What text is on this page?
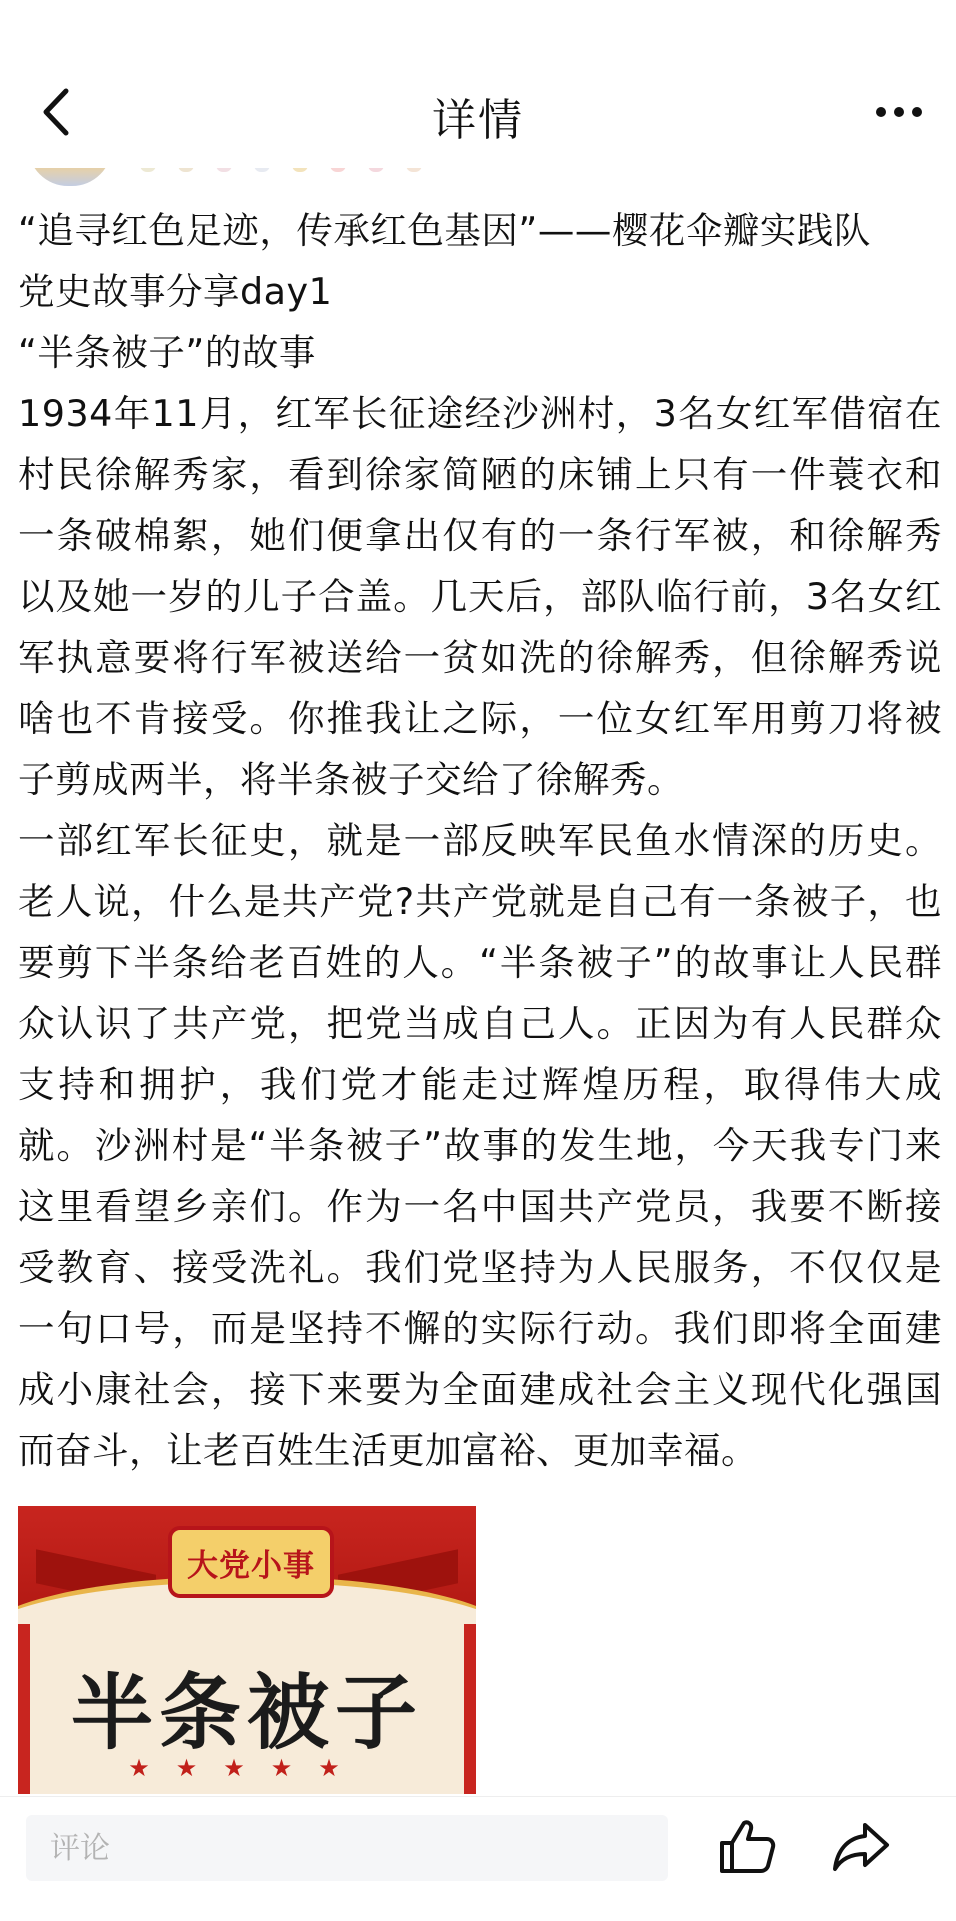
详情

“追寻红色足迹，传承红色基因”——樱花伞瓣实践队

党史故事分享day1

“半条被子”的故事

1934年11月，红军长征途经沙洲村，3名女红军借宿在村民徐解秀家，看到徐家简陋的床铺上只有一件蓑衣和一条破棉絮，她们便拿出仅有的一条行军被，和徐解秀以及她一岁的儿子合盖。几天后，部队临行前，3名女红军执意要将行军被送给一贫如洗的徐解秀，但徐解秀说啥也不肯接受。你推我让之际，一位女红军用剪刀将被子剪成两半，将半条被子交给了徐解秀。

一部红军长征史，就是一部反映军民鱼水情深的历史。老人说，什么是共产党?共产党就是自己有一条被子，也要剪下半条给老百姓的人。“半条被子”的故事让人民群众认识了共产党，把党当成自己人。正因为有人民群众支持和拥护，我们党才能走过辉煌历程，取得伟大成就。沙洲村是“半条被子”故事的发生地，今天我专门来这里看望乡亲们。作为一名中国共产党员，我要不断接受教育、接受洗礼。我们党坚持为人民服务，不仅仅是一句口号，而是坚持不懈的实际行动。我们即将全面建成小康社会，接下来要为全面建成社会主义现代化强国而奋斗，让老百姓生活更加富裕、更加幸福。

大党小事
半条被子
★★★★★
评论
